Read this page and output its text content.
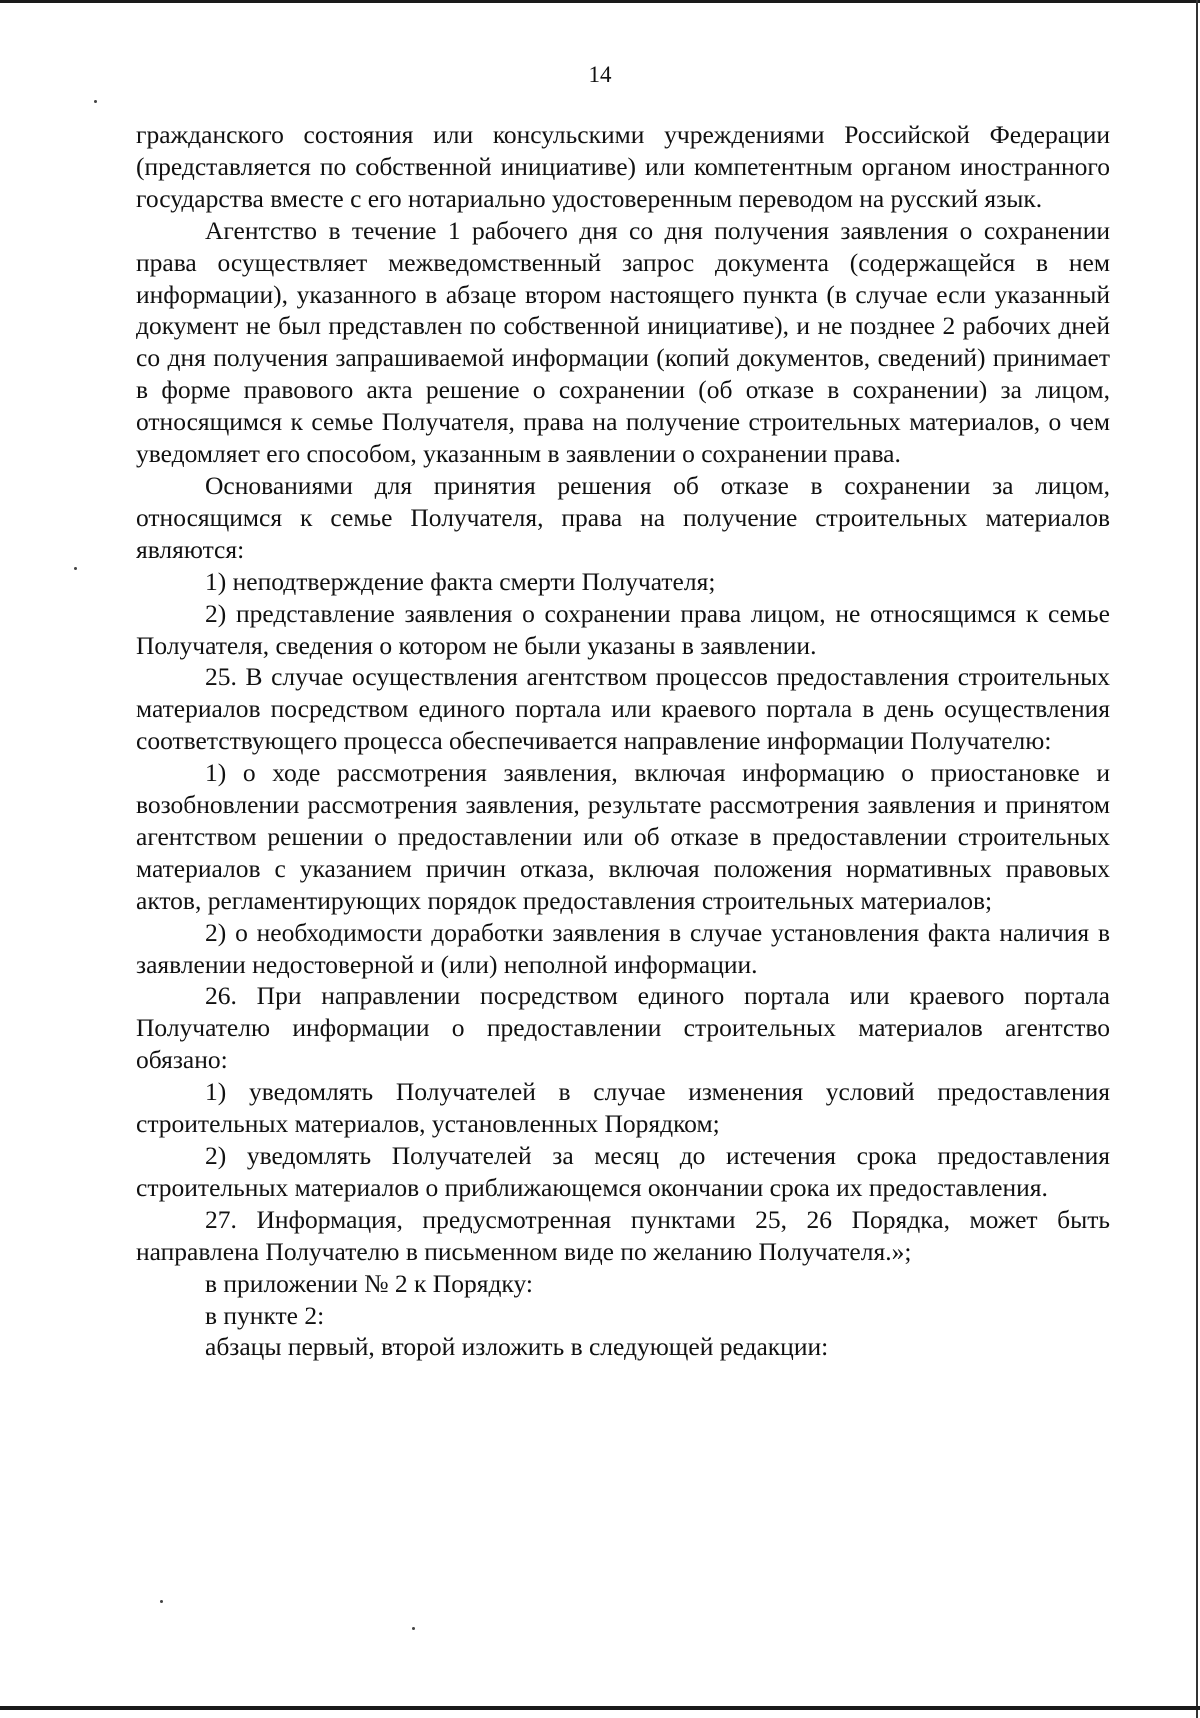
14

гражданского состояния или консульскими учреждениями Российской Федерации (представляется по собственной инициативе) или компетентным органом иностранного государства вместе с его нотариально удостоверенным переводом на русский язык.

Агентство в течение 1 рабочего дня со дня получения заявления о сохранении права осуществляет межведомственный запрос документа (содержащейся в нем информации), указанного в абзаце втором настоящего пункта (в случае если указанный документ не был представлен по собственной инициативе), и не позднее 2 рабочих дней со дня получения запрашиваемой информации (копий документов, сведений) принимает в форме правового акта решение о сохранении (об отказе в сохранении) за лицом, относящимся к семье Получателя, права на получение строительных материалов, о чем уведомляет его способом, указанным в заявлении о сохранении права.

Основаниями для принятия решения об отказе в сохранении за лицом, относящимся к семье Получателя, права на получение строительных материалов являются:

1) неподтверждение факта смерти Получателя;

2) представление заявления о сохранении права лицом, не относящимся к семье Получателя, сведения о котором не были указаны в заявлении.

25. В случае осуществления агентством процессов предоставления строительных материалов посредством единого портала или краевого портала в день осуществления соответствующего процесса обеспечивается направление информации Получателю:

1) о ходе рассмотрения заявления, включая информацию о приостановке и возобновлении рассмотрения заявления, результате рассмотрения заявления и принятом агентством решении о предоставлении или об отказе в предоставлении строительных материалов с указанием причин отказа, включая положения нормативных правовых актов, регламентирующих порядок предоставления строительных материалов;

2) о необходимости доработки заявления в случае установления факта наличия в заявлении недостоверной и (или) неполной информации.

26. При направлении посредством единого портала или краевого портала Получателю информации о предоставлении строительных материалов агентство обязано:

1) уведомлять Получателей в случае изменения условий предоставления строительных материалов, установленных Порядком;

2) уведомлять Получателей за месяц до истечения срока предоставления строительных материалов о приближающемся окончании срока их предоставления.

27. Информация, предусмотренная пунктами 25, 26 Порядка, может быть направлена Получателю в письменном виде по желанию Получателя.»;

в приложении № 2 к Порядку:

в пункте 2:

абзацы первый, второй изложить в следующей редакции:
